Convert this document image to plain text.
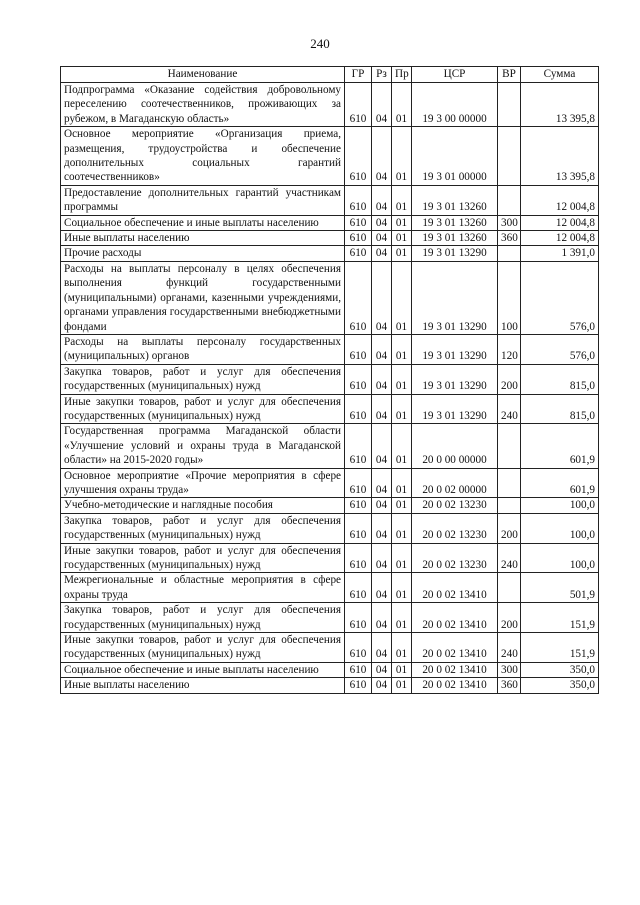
240
Наименование	ГР	Рз	Пр	ЦСР	ВР	Сумма
Подпрограмма «Оказание содействия добровольному переселению соотечественников, проживающих за рубежом, в Магаданскую область»	610	04	01	19 3 00 00000		13 395,8
Основное мероприятие «Организация приема, размещения, трудоустройства и обеспечение дополнительных социальных гарантий соотечественников»	610	04	01	19 3 01 00000		13 395,8
Предоставление дополнительных гарантий участникам программы	610	04	01	19 3 01 13260		12 004,8
Социальное обеспечение и иные выплаты населению	610	04	01	19 3 01 13260	300	12 004,8
Иные выплаты населению	610	04	01	19 3 01 13260	360	12 004,8
Прочие расходы	610	04	01	19 3 01 13290		1 391,0
Расходы на выплаты персоналу в целях обеспечения выполнения функций государственными (муниципальными) органами, казенными учреждениями, органами управления государственными внебюджетными фондами	610	04	01	19 3 01 13290	100	576,0
Расходы на выплаты персоналу государственных (муниципальных) органов	610	04	01	19 3 01 13290	120	576,0
Закупка товаров, работ и услуг для обеспечения государственных (муниципальных) нужд	610	04	01	19 3 01 13290	200	815,0
Иные закупки товаров, работ и услуг для обеспечения государственных (муниципальных) нужд	610	04	01	19 3 01 13290	240	815,0
Государственная программа Магаданской области «Улучшение условий и охраны труда в Магаданской области» на 2015-2020 годы»	610	04	01	20 0 00 00000		601,9
Основное мероприятие «Прочие мероприятия в сфере улучшения охраны труда»	610	04	01	20 0 02 00000		601,9
Учебно-методические и наглядные пособия	610	04	01	20 0 02 13230		100,0
Закупка товаров, работ и услуг для обеспечения государственных (муниципальных) нужд	610	04	01	20 0 02 13230	200	100,0
Иные закупки товаров, работ и услуг для обеспечения государственных (муниципальных) нужд	610	04	01	20 0 02 13230	240	100,0
Межрегиональные и областные мероприятия в сфере охраны труда	610	04	01	20 0 02 13410		501,9
Закупка товаров, работ и услуг для обеспечения государственных (муниципальных) нужд	610	04	01	20 0 02 13410	200	151,9
Иные закупки товаров, работ и услуг для обеспечения государственных (муниципальных) нужд	610	04	01	20 0 02 13410	240	151,9
Социальное обеспечение и иные выплаты населению	610	04	01	20 0 02 13410	300	350,0
Иные выплаты населению	610	04	01	20 0 02 13410	360	350,0
